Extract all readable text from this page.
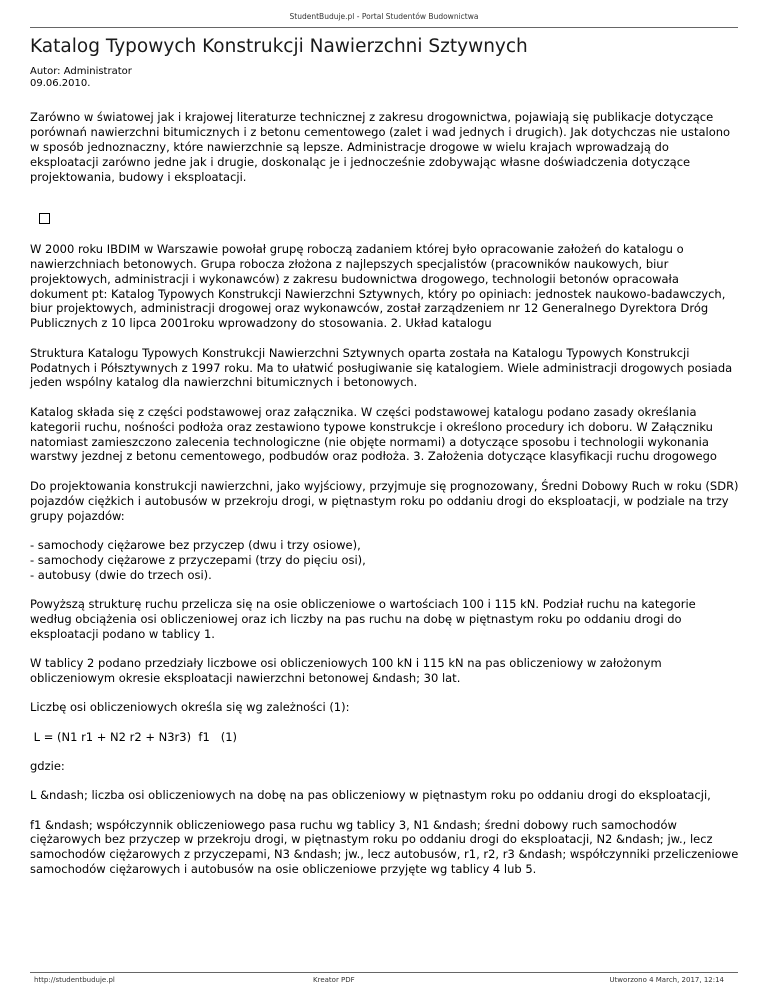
StudentBuduje.pl - Portal Studentów Budownictwa
Katalog Typowych Konstrukcji Nawierzchni Sztywnych
Autor: Administrator
09.06.2010.

Zarówno w światowej jak i krajowej literaturze technicznej z zakresu drogownictwa, pojawiają się publikacje dotyczące porównań nawierzchni bitumicznych i z betonu cementowego (zalet i wad jednych i drugich). Jak dotychczas nie ustalono w sposób jednoznaczny, które nawierzchnie są lepsze. Administracje drogowe w wielu krajach wprowadzają do eksploatacji zarówno jedne jak i drugie, doskonaląc je i jednocześnie zdobywając własne doświadczenia dotyczące projektowania, budowy i eksploatacji.

W 2000 roku IBDIM w Warszawie powołał grupę roboczą zadaniem której było opracowanie założeń do katalogu o nawierzchniach betonowych. Grupa robocza złożona z najlepszych specjalistów (pracowników naukowych, biur projektowych, administracji i wykonawców) z zakresu budownictwa drogowego, technologii betonów opracowała dokument pt: Katalog Typowych Konstrukcji Nawierzchni Sztywnych, który po opiniach: jednostek naukowo-badawczych, biur projektowych, administracji drogowej oraz wykonawców, został zarządzeniem nr 12 Generalnego Dyrektora Dróg Publicznych z 10 lipca 2001roku wprowadzony do stosowania. 2. Układ katalogu

Struktura Katalogu Typowych Konstrukcji Nawierzchni Sztywnych oparta została na Katalogu Typowych Konstrukcji Podatnych i Półsztywnych z 1997 roku. Ma to ułatwić posługiwanie się katalogiem. Wiele administracji drogowych posiada jeden wspólny katalog dla nawierzchni bitumicznych i betonowych.

Katalog składa się z części podstawowej oraz załącznika. W części podstawowej katalogu podano zasady określania kategorii ruchu, nośności podłoża oraz zestawiono typowe konstrukcje i określono procedury ich doboru. W Załączniku natomiast zamieszczono zalecenia technologiczne (nie objęte normami) a dotyczące sposobu i technologii wykonania warstwy jezdnej z betonu cementowego, podbudów oraz podłoża. 3. Założenia dotyczące klasyfikacji ruchu drogowego

Do projektowania konstrukcji nawierzchni, jako wyjściowy, przyjmuje się prognozowany, Średni Dobowy Ruch w roku (SDR) pojazdów ciężkich i autobusów w przekroju drogi, w piętnastym roku po oddaniu drogi do eksploatacji, w podziale na trzy grupy pojazdów:

- samochody ciężarowe bez przyczep (dwu i trzy osiowe),
- samochody ciężarowe z przyczepami (trzy do pięciu osi),
- autobusy (dwie do trzech osi).

Powyższą strukturę ruchu przelicza się na osie obliczeniowe o wartościach 100 i 115 kN. Podział ruchu na kategorie według obciążenia osi obliczeniowej oraz ich liczby na pas ruchu na dobę w piętnastym roku po oddaniu drogi do eksploatacji podano w tablicy 1.

W tablicy 2 podano przedziały liczbowe osi obliczeniowych 100 kN i 115 kN na pas obliczeniowy w założonym obliczeniowym okresie eksploatacji nawierzchni betonowej &ndash; 30 lat.

Liczbę osi obliczeniowych określa się wg zależności (1):

L = (N1 r1 + N2 r2 + N3r3)  f1   (1)

gdzie:

L &ndash; liczba osi obliczeniowych na dobę na pas obliczeniowy w piętnastym roku po oddaniu drogi do eksploatacji,

f1 &ndash; współczynnik obliczeniowego pasa ruchu wg tablicy 3, N1 &ndash; średni dobowy ruch samochodów ciężarowych bez przyczep w przekroju drogi, w piętnastym roku po oddaniu drogi do eksploatacji, N2 &ndash; jw., lecz samochodów ciężarowych z przyczepami, N3 &ndash; jw., lecz autobusów, r1, r2, r3 &ndash; współczynniki przeliczeniowe samochodów ciężarowych i autobusów na osie obliczeniowe przyjęte wg tablicy 4 lub 5.

http://studentbuduje.pl	Kreator PDF	Utworzono 4 March, 2017, 12:14
